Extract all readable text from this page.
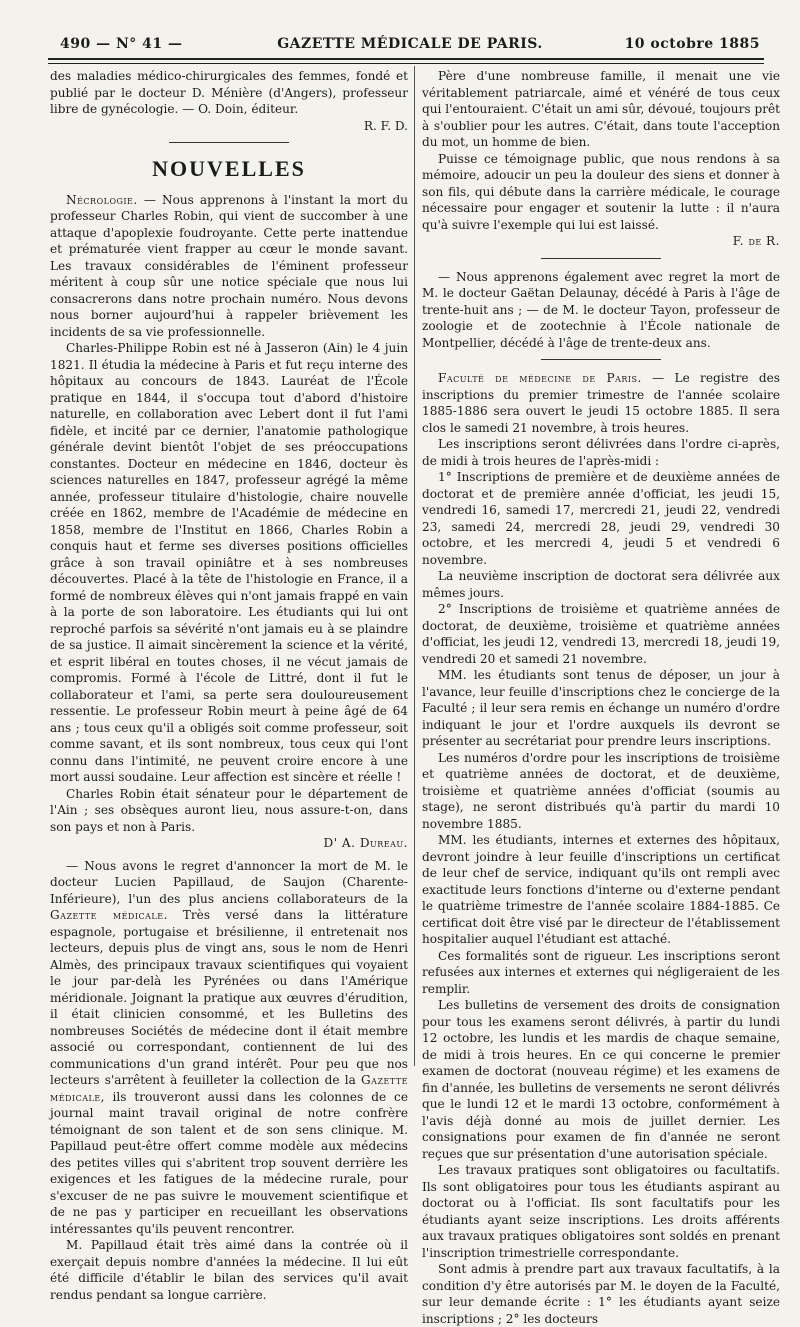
490 — N° 41 —	GAZETTE MÉDICALE DE PARIS.	10 octobre 1885

des maladies médico-chirurgicales des femmes, fondé et publié par le docteur D. Ménière (d'Angers), professeur libre de gynécologie. — O. Doin, éditeur.

R. F. D.

NOUVELLES

Nécrologie. — Nous apprenons à l'instant la mort du professeur Charles Robin, qui vient de succomber à une attaque d'apoplexie foudroyante. Cette perte inattendue et prématurée vient frapper au cœur le monde savant. Les travaux considérables de l'éminent professeur méritent à coup sûr une notice spéciale que nous lui consacrerons dans notre prochain numéro. Nous devons nous borner aujourd'hui à rappeler brièvement les incidents de sa vie professionnelle.

Charles-Philippe Robin est né à Jasseron (Ain) le 4 juin 1821. Il étudia la médecine à Paris et fut reçu interne des hôpitaux au concours de 1843. Lauréat de l'École pratique en 1844, il s'occupa tout d'abord d'histoire naturelle, en collaboration avec Lebert dont il fut l'ami fidèle, et incité par ce dernier, l'anatomie pathologique générale devint bientôt l'objet de ses préoccupations constantes. Docteur en médecine en 1846, docteur ès sciences naturelles en 1847, professeur agrégé la même année, professeur titulaire d'histologie, chaire nouvelle créée en 1862, membre de l'Académie de médecine en 1858, membre de l'Institut en 1866, Charles Robin a conquis haut et ferme ses diverses positions officielles grâce à son travail opiniâtre et à ses nombreuses découvertes. Placé à la tête de l'histologie en France, il a formé de nombreux élèves qui n'ont jamais frappé en vain à la porte de son laboratoire. Les étudiants qui lui ont reproché parfois sa sévérité n'ont jamais eu à se plaindre de sa justice. Il aimait sincèrement la science et la vérité, et esprit libéral en toutes choses, il ne vécut jamais de compromis. Formé à l'école de Littré, dont il fut le collaborateur et l'ami, sa perte sera douloureusement ressentie. Le professeur Robin meurt à peine âgé de 64 ans ; tous ceux qu'il a obligés soit comme professeur, soit comme savant, et ils sont nombreux, tous ceux qui l'ont connu dans l'intimité, ne peuvent croire encore à une mort aussi soudaine. Leur affection est sincère et réelle !

Charles Robin était sénateur pour le département de l'Ain ; ses obsèques auront lieu, nous assure-t-on, dans son pays et non à Paris.

D' A. Dureau.

— Nous avons le regret d'annoncer la mort de M. le docteur Lucien Papillaud, de Saujon (Charente-Inférieure), l'un des plus anciens collaborateurs de la Gazette médicale. Très versé dans la littérature espagnole, portugaise et brésilienne, il entretenait nos lecteurs, depuis plus de vingt ans, sous le nom de Henri Almès, des principaux travaux scientifiques qui voyaient le jour par-delà les Pyrénées ou dans l'Amérique méridionale. Joignant la pratique aux œuvres d'érudition, il était clinicien consommé, et les Bulletins des nombreuses Sociétés de médecine dont il était membre associé ou correspondant, contiennent de lui des communications d'un grand intérêt. Pour peu que nos lecteurs s'arrêtent à feuilleter la collection de la Gazette médicale, ils trouveront aussi dans les colonnes de ce journal maint travail original de notre confrère témoignant de son talent et de son sens clinique. M. Papillaud peut-être offert comme modèle aux médecins des petites villes qui s'abritent trop souvent derrière les exigences et les fatigues de la médecine rurale, pour s'excuser de ne pas suivre le mouvement scientifique et de ne pas y participer en recueillant les observations intéressantes qu'ils peuvent rencontrer.

M. Papillaud était très aimé dans la contrée où il exerçait depuis nombre d'années la médecine. Il lui eût été difficile d'établir le bilan des services qu'il avait rendus pendant sa longue carrière.

Père d'une nombreuse famille, il menait une vie véritablement patriarcale, aimé et vénéré de tous ceux qui l'entouraient. C'était un ami sûr, dévoué, toujours prêt à s'oublier pour les autres. C'était, dans toute l'acception du mot, un homme de bien.

Puisse ce témoignage public, que nous rendons à sa mémoire, adoucir un peu la douleur des siens et donner à son fils, qui débute dans la carrière médicale, le courage nécessaire pour engager et soutenir la lutte : il n'aura qu'à suivre l'exemple qui lui est laissé.

F. de R.

— Nous apprenons également avec regret la mort de M. le docteur Gaëtan Delaunay, décédé à Paris à l'âge de trente-huit ans ; — de M. le docteur Tayon, professeur de zoologie et de zootechnie à l'École nationale de Montpellier, décédé à l'âge de trente-deux ans.

Faculté de médecine de Paris. — Le registre des inscriptions du premier trimestre de l'année scolaire 1885-1886 sera ouvert le jeudi 15 octobre 1885. Il sera clos le samedi 21 novembre, à trois heures.

Les inscriptions seront délivrées dans l'ordre ci-après, de midi à trois heures de l'après-midi :

1° Inscriptions de première et de deuxième années de doctorat et de première année d'officiat, les jeudi 15, vendredi 16, samedi 17, mercredi 21, jeudi 22, vendredi 23, samedi 24, mercredi 28, jeudi 29, vendredi 30 octobre, et les mercredi 4, jeudi 5 et vendredi 6 novembre.

La neuvième inscription de doctorat sera délivrée aux mêmes jours.

2° Inscriptions de troisième et quatrième années de doctorat, de deuxième, troisième et quatrième années d'officiat, les jeudi 12, vendredi 13, mercredi 18, jeudi 19, vendredi 20 et samedi 21 novembre.

MM. les étudiants sont tenus de déposer, un jour à l'avance, leur feuille d'inscriptions chez le concierge de la Faculté ; il leur sera remis en échange un numéro d'ordre indiquant le jour et l'ordre auxquels ils devront se présenter au secrétariat pour prendre leurs inscriptions.

Les numéros d'ordre pour les inscriptions de troisième et quatrième années de doctorat, et de deuxième, troisième et quatrième années d'officiat (soumis au stage), ne seront distribués qu'à partir du mardi 10 novembre 1885.

MM. les étudiants, internes et externes des hôpitaux, devront joindre à leur feuille d'inscriptions un certificat de leur chef de service, indiquant qu'ils ont rempli avec exactitude leurs fonctions d'interne ou d'externe pendant le quatrième trimestre de l'année scolaire 1884-1885. Ce certificat doit être visé par le directeur de l'établissement hospitalier auquel l'étudiant est attaché.

Ces formalités sont de rigueur. Les inscriptions seront refusées aux internes et externes qui négligeraient de les remplir.

Les bulletins de versement des droits de consignation pour tous les examens seront délivrés, à partir du lundi 12 octobre, les lundis et les mardis de chaque semaine, de midi à trois heures. En ce qui concerne le premier examen de doctorat (nouveau régime) et les examens de fin d'année, les bulletins de versements ne seront délivrés que le lundi 12 et le mardi 13 octobre, conformément à l'avis déjà donné au mois de juillet dernier. Les consignations pour examen de fin d'année ne seront reçues que sur présentation d'une autorisation spéciale.

Les travaux pratiques sont obligatoires ou facultatifs. Ils sont obligatoires pour tous les étudiants aspirant au doctorat ou à l'officiat. Ils sont facultatifs pour les étudiants ayant seize inscriptions. Les droits afférents aux travaux pratiques obligatoires sont soldés en prenant l'inscription trimestrielle correspondante.

Sont admis à prendre part aux travaux facultatifs, à la condition d'y être autorisés par M. le doyen de la Faculté, sur leur demande écrite : 1° les étudiants ayant seize inscriptions ; 2° les docteurs
